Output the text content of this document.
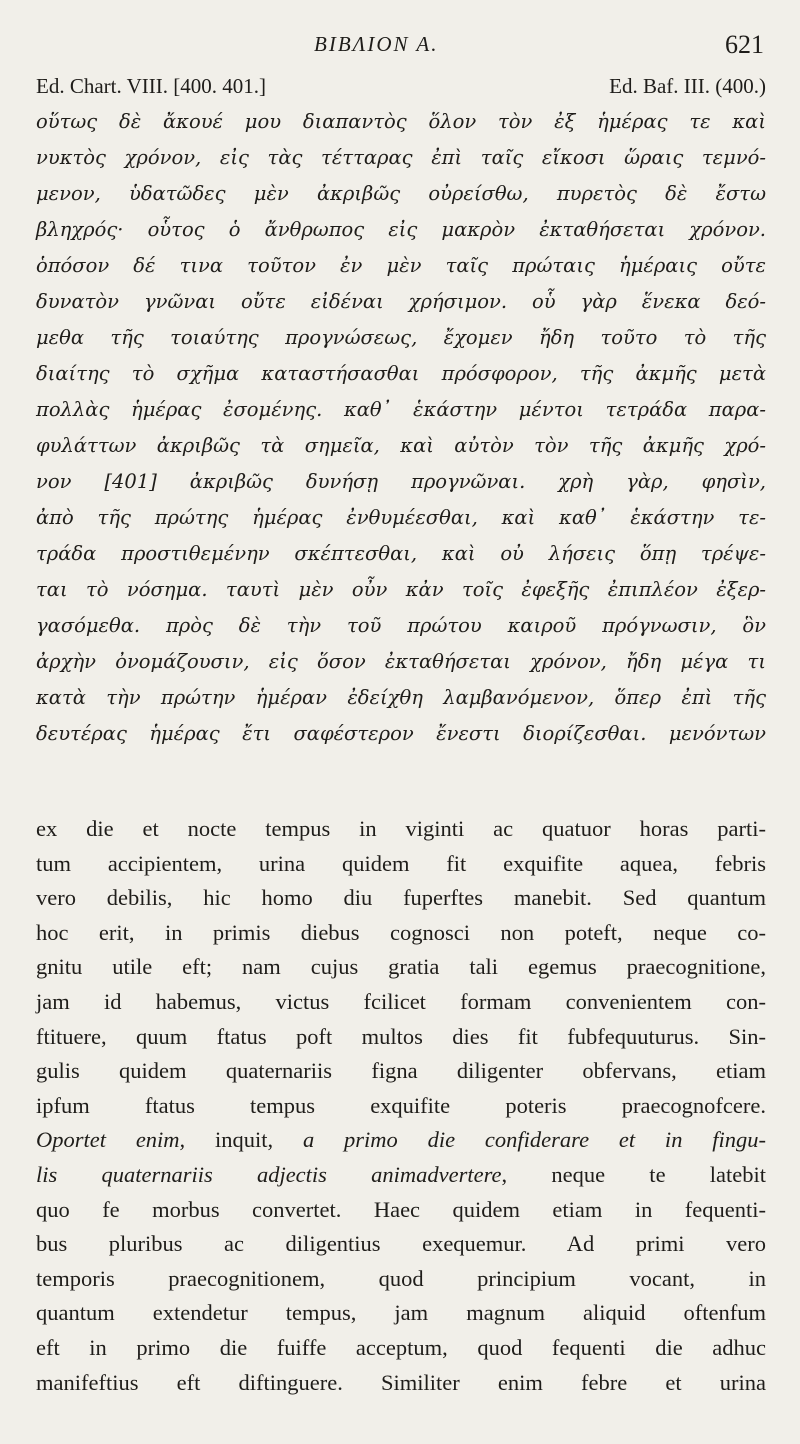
BIBΛION A.	621
Ed. Chart. VIII. [400. 401.]	Ed. Baf. III. (400.)
οὕτως δὲ ἄκουέ μου διαπαντὸς ὅλον τὸν ἐξ ἡμέρας τε καὶ
νυκτὸς χρόνον, εἰς τὰς τέτταρας ἐπὶ ταῖς εἴκοσι ὥραις τεμνό-
μενον, ὑδατῶδες μὲν ἀκριβῶς οὐρείσθω, πυρετὸς δὲ ἔστω
βληχρός· οὗτος ὁ ἄνθρωπος εἰς μακρὸν ἐκταθήσεται χρόνον.
ὁπόσον δέ τινα τοῦτον ἐν μὲν ταῖς πρώταις ἡμέραις οὔτε
δυνατὸν γνῶναι οὔτε εἰδέναι χρήσιμον. οὗ γὰρ ἕνεκα δεό-
μεθα τῆς τοιαύτης προγνώσεως, ἔχομεν ἤδη τοῦτο τὸ τῆς
διαίτης τὸ σχῆμα καταστήσασθαι πρόσφορον, τῆς ἀκμῆς μετὰ
πολλὰς ἡμέρας ἐσομένης. καθ᾽ ἑκάστην μέντοι τετράδα παρα-
φυλάττων ἀκριβῶς τὰ σημεῖα, καὶ αὐτὸν τὸν τῆς ἀκμῆς χρό-
νον [401] ἀκριβῶς δυνήσῃ προγνῶναι. χρὴ γὰρ, φησὶν,
ἀπὸ τῆς πρώτης ἡμέρας ἐνθυμέεσθαι, καὶ καθ᾽ ἑκάστην τε-
τράδα προστιθεμένην σκέπτεσθαι, καὶ οὐ λήσεις ὅπῃ τρέψε-
ται τὸ νόσημα. ταυτὶ μὲν οὖν κἀν τοῖς ἐφεξῆς ἐπιπλέον ἐξερ-
γασόμεθα. πρὸς δὲ τὴν τοῦ πρώτου καιροῦ πρόγνωσιν, ὃν
ἀρχὴν ὀνομάζουσιν, εἰς ὅσον ἐκταθήσεται χρόνον, ἤδη μέγα τι
κατὰ τὴν πρώτην ἡμέραν ἐδείχθη λαμβανόμενον, ὅπερ ἐπὶ τῆς
δευτέρας ἡμέρας ἔτι σαφέστερον ἔνεστι διορίζεσθαι. μενόντων
ex die et nocte tempus in viginti ac quatuor horas parti-
tum accipientem, urina quidem fit exquifite aquea, febris
vero debilis, hic homo diu fuperftes manebit. Sed quantum
hoc erit, in primis diebus cognosci non poteft, neque co-
gnitu utile eft; nam cujus gratia tali egemus praecognitione,
jam id habemus, victus fcilicet formam convenientem con-
ftituere, quum ftatus poft multos dies fit fubfequuturus. Sin-
gulis quidem quaternariis figna diligenter obfervans, etiam
ipfum ftatus tempus exquifite poteris praecognofcere.
Oportet enim, inquit, a primo die confiderare et in fingu-
lis quaternariis adjectis animadvertere, neque te latebit
quo fe morbus convertet. Haec quidem etiam in fequenti-
bus pluribus ac diligentius exequemur. Ad primi vero
temporis praecognitionem, quod principium vocant, in
quantum extendetur tempus, jam magnum aliquid oftenfum
eft in primo die fuiffe acceptum, quod fequenti die adhuc
manifeftius eft diftinguere. Similiter enim febre et urina
